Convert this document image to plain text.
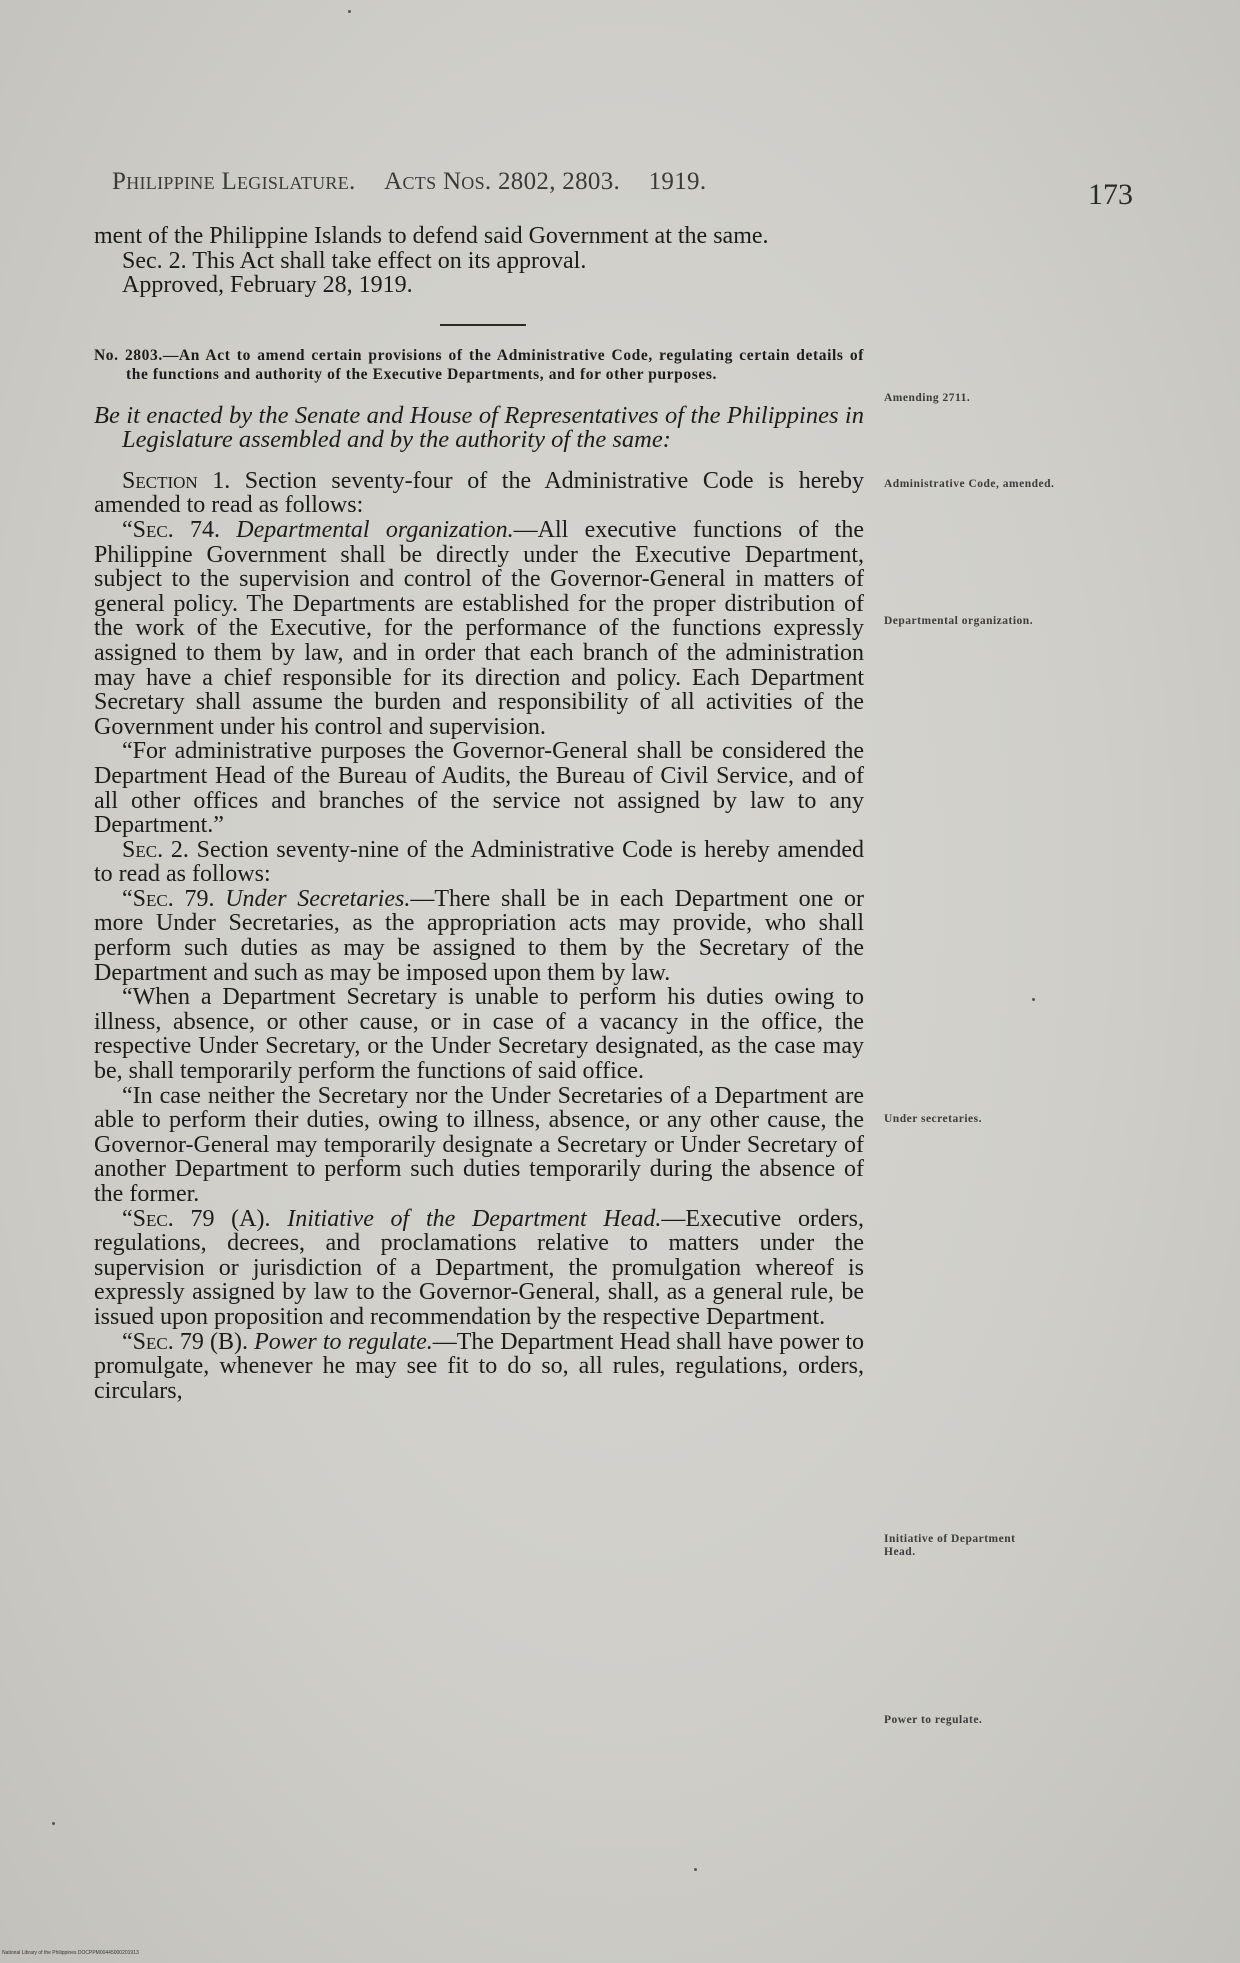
Philippine Legislature. Acts Nos. 2802, 2803. 1919.	173

ment of the Philippine Islands to defend said Government at the same.

Sec. 2. This Act shall take effect on its approval.

Approved, February 28, 1919.

No. 2803.—An Act to amend certain provisions of the Administrative Code, regulating certain details of the functions and authority of the Executive Departments, and for other purposes.

Be it enacted by the Senate and House of Representatives of the Philippines in Legislature assembled and by the authority of the same:

Section 1. Section seventy-four of the Administrative Code is hereby amended to read as follows:

“Sec. 74. Departmental organization.—All executive functions of the Philippine Government shall be directly under the Executive Department, subject to the supervision and control of the Governor-General in matters of general policy. The Departments are established for the proper distribution of the work of the Executive, for the performance of the functions expressly assigned to them by law, and in order that each branch of the administration may have a chief responsible for its direction and policy. Each Department Secretary shall assume the burden and responsibility of all activities of the Government under his control and supervision.

“For administrative purposes the Governor-General shall be considered the Department Head of the Bureau of Audits, the Bureau of Civil Service, and of all other offices and branches of the service not assigned by law to any Department.”

Sec. 2. Section seventy-nine of the Administrative Code is hereby amended to read as follows:

“Sec. 79. Under Secretaries.—There shall be in each Department one or more Under Secretaries, as the appropriation acts may provide, who shall perform such duties as may be assigned to them by the Secretary of the Department and such as may be imposed upon them by law.

“When a Department Secretary is unable to perform his duties owing to illness, absence, or other cause, or in case of a vacancy in the office, the respective Under Secretary, or the Under Secretary designated, as the case may be, shall temporarily perform the functions of said office.

“In case neither the Secretary nor the Under Secretaries of a Department are able to perform their duties, owing to illness, absence, or any other cause, the Governor-General may temporarily designate a Secretary or Under Secretary of another Department to perform such duties temporarily during the absence of the former.

“Sec. 79 (A). Initiative of the Department Head.—Executive orders, regulations, decrees, and proclamations relative to matters under the supervision or jurisdiction of a Department, the promulgation whereof is expressly assigned by law to the Governor-General, shall, as a general rule, be issued upon proposition and recommendation by the respective Department.

“Sec. 79 (B). Power to regulate.—The Department Head shall have power to promulgate, whenever he may see fit to do so, all rules, regulations, orders, circulars,

Amending 2711.
Administrative Code, amended.
Departmental organization.
Under secretaries.
Initiative of Department Head.
Power to regulate.
National Library of the Philippines DOCPPM00445000201913
